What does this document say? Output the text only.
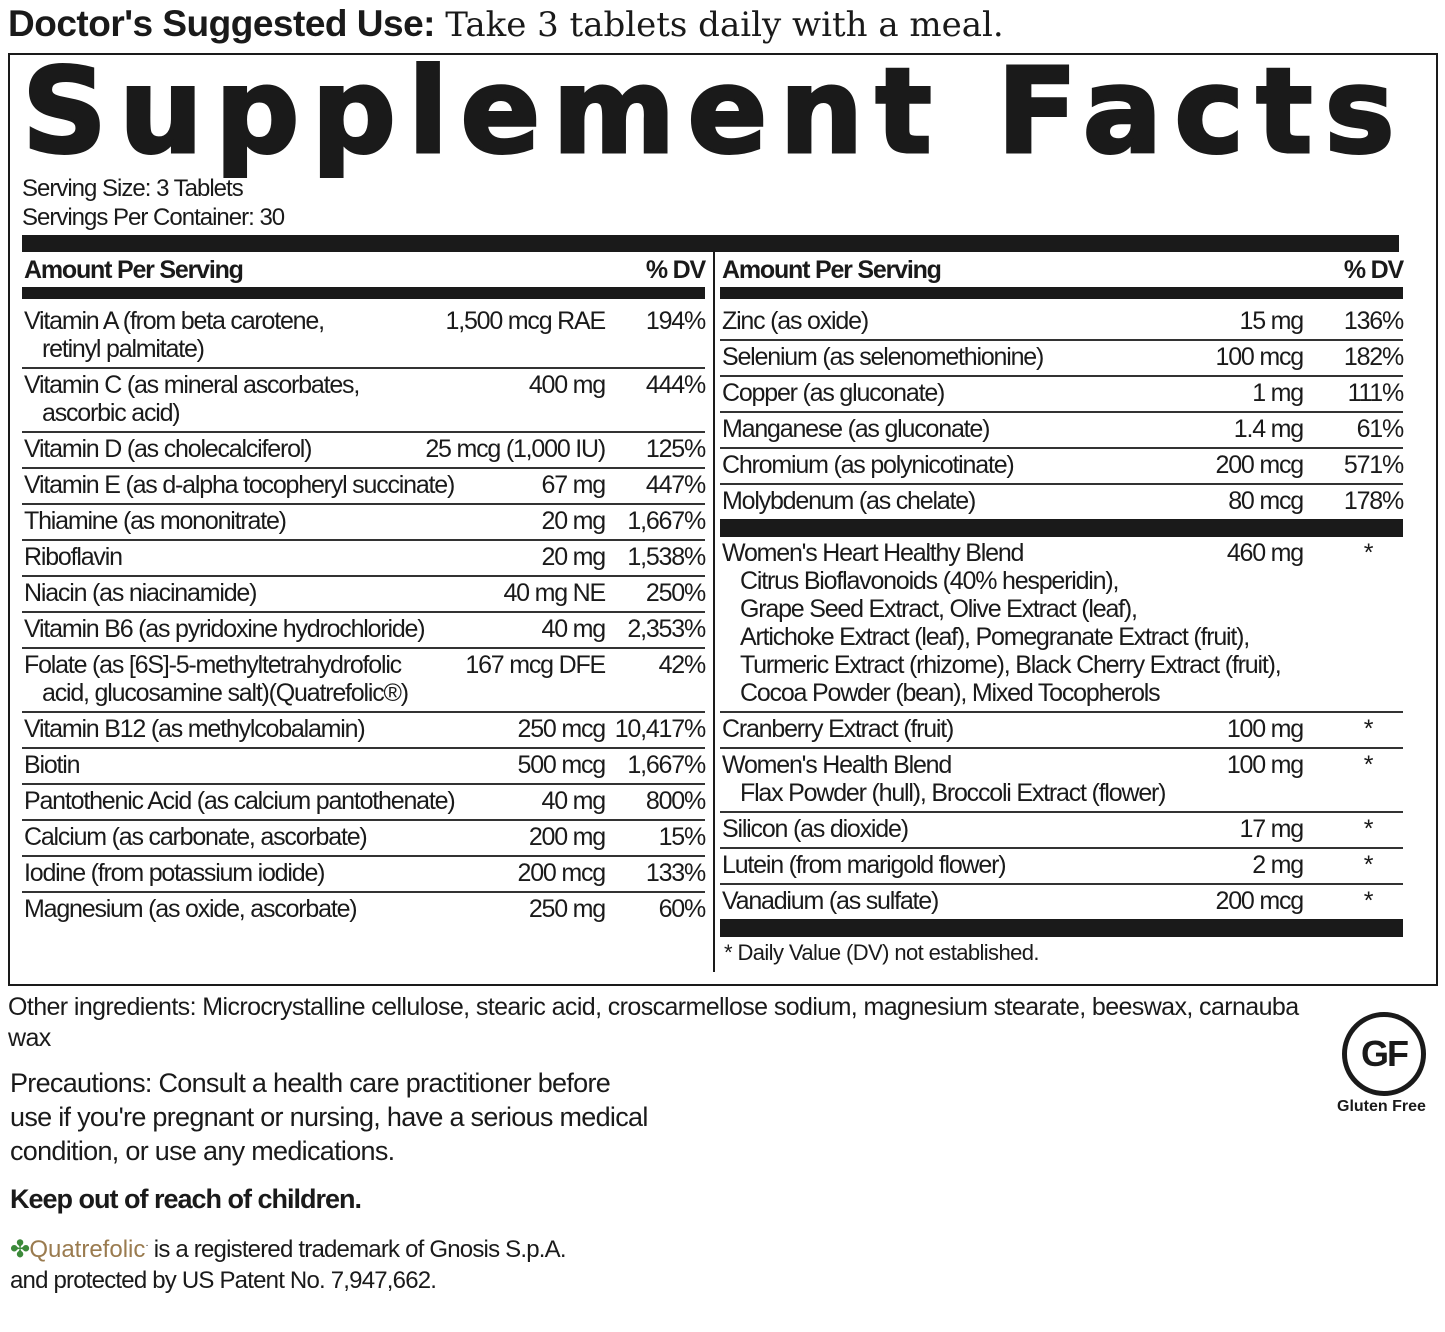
Doctor's Suggested Use: Take 3 tablets daily with a meal.
Supplement Facts
Serving Size: 3 Tablets
Servings Per Container: 30
Amount Per Serving	% DV
Vitamin A (from beta carotene,	1,500 mcg RAE	194%
retinyl palmitate)
Vitamin C (as mineral ascorbates,	400 mg	444%
ascorbic acid)
Vitamin D (as cholecalciferol)	25 mcg (1,000 IU)	125%
Vitamin E (as d-alpha tocopheryl succinate)	67 mg	447%
Thiamine (as mononitrate)	20 mg 1,667%
Riboflavin	20 mg 1,538%
Niacin (as niacinamide)	40 mg NE	250%
Vitamin B6 (as pyridoxine hydrochloride)	40 mg 2,353%
Folate (as [6S]-5-methyltetrahydrofolic	167 mcg DFE	42%
acid, glucosamine salt)(Quatrefolic®)
Vitamin B12 (as methylcobalamin)	250 mcg 10,417%
Biotin	500 mcg 1,667%
Pantothenic Acid (as calcium pantothenate)	40 mg	800%
Calcium (as carbonate, ascorbate)	200 mg	15%
Iodine (from potassium iodide)	200 mcg	133%
Magnesium (as oxide, ascorbate)	250 mg	60%
Amount Per Serving	% DV
Zinc (as oxide)	15 mg	136%
Selenium (as selenomethionine)	100 mcg	182%
Copper (as gluconate)	1 mg	111%
Manganese (as gluconate)	1.4 mg	61%
Chromium (as polynicotinate)	200 mcg	571%
Molybdenum (as chelate)	80 mcg	178%
Women's Heart Healthy Blend	460 mg	*
Citrus Bioflavonoids (40% hesperidin),
Grape Seed Extract, Olive Extract (leaf),
Artichoke Extract (leaf), Pomegranate Extract (fruit),
Turmeric Extract (rhizome), Black Cherry Extract (fruit),
Cocoa Powder (bean), Mixed Tocopherols
Cranberry Extract (fruit)	100 mg	*
Women's Health Blend	100 mg	*
Flax Powder (hull), Broccoli Extract (flower)
Silicon (as dioxide)	17 mg	*
Lutein (from marigold flower)	2 mg	*
Vanadium (as sulfate)	200 mcg	*
* Daily Value (DV) not established.
Other ingredients: Microcrystalline cellulose, stearic acid, croscarmellose sodium, magnesium stearate, beeswax, carnauba wax
Precautions: Consult a health care practitioner before use if you're pregnant or nursing, have a serious medical condition, or use any medications.
Keep out of reach of children.
✤Quatrefolic· is a registered trademark of Gnosis S.p.A. and protected by US Patent No. 7,947,662.
GF
Gluten Free
